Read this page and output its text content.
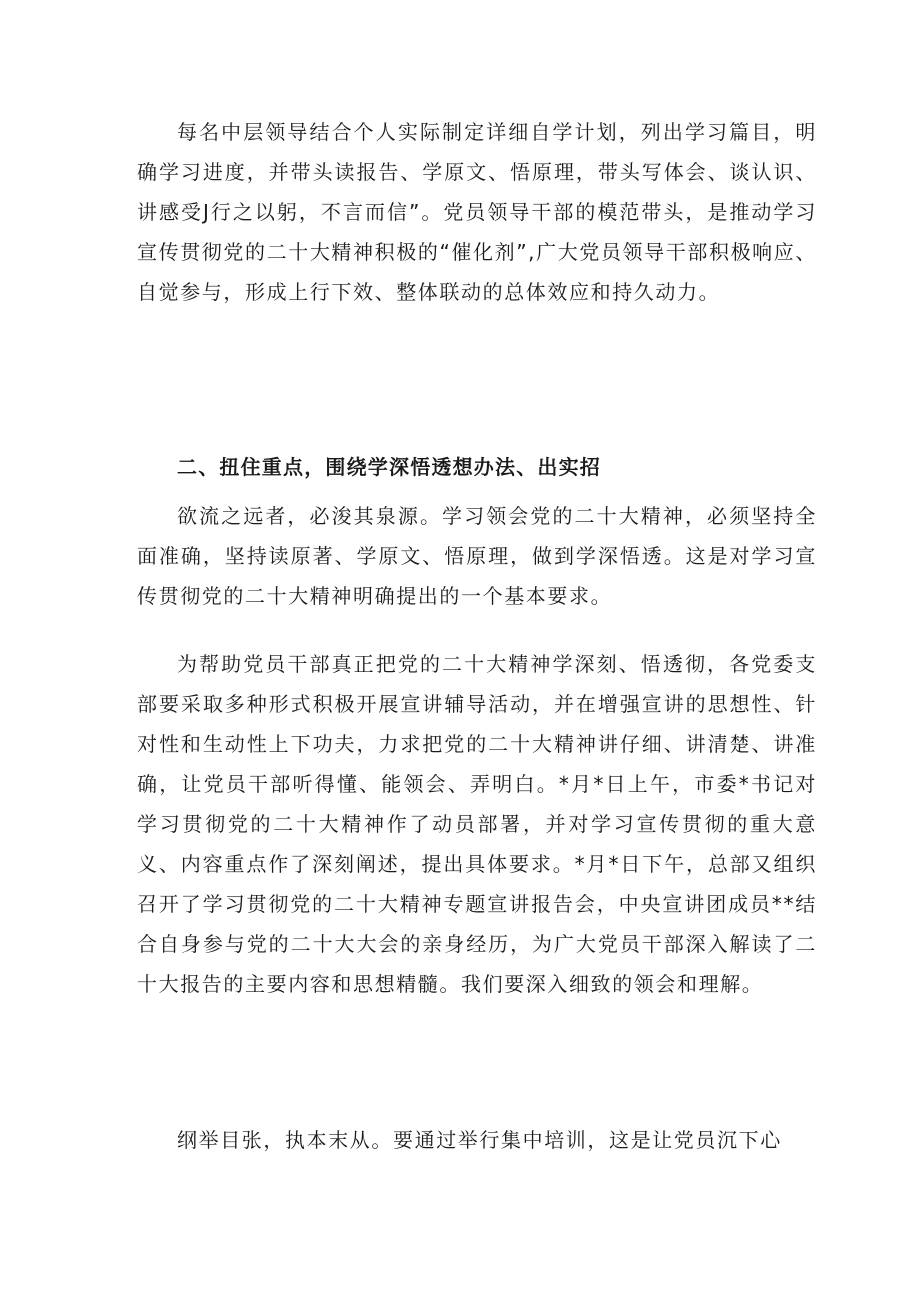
每名中层领导结合个人实际制定详细自学计划，列出学习篇目，明确学习进度，并带头读报告、学原文、悟原理，带头写体会、谈认识、讲感受J行之以躬，不言而信”。党员领导干部的模范带头，是推动学习宣传贯彻党的二十大精神积极的“催化剂”,广大党员领导干部积极响应、自觉参与，形成上行下效、整体联动的总体效应和持久动力。

二、扭住重点，围绕学深悟透想办法、出实招

欲流之远者，必浚其泉源。学习领会党的二十大精神，必须坚持全面准确，坚持读原著、学原文、悟原理，做到学深悟透。这是对学习宣传贯彻党的二十大精神明确提出的一个基本要求。

为帮助党员干部真正把党的二十大精神学深刻、悟透彻，各党委支部要采取多种形式积极开展宣讲辅导活动，并在增强宣讲的思想性、针对性和生动性上下功夫，力求把党的二十大精神讲仔细、讲清楚、讲准确，让党员干部听得懂、能领会、弄明白。*月*日上午，市委*书记对学习贯彻党的二十大精神作了动员部署，并对学习宣传贯彻的重大意义、内容重点作了深刻阐述，提出具体要求。*月*日下午，总部又组织召开了学习贯彻党的二十大精神专题宣讲报告会，中央宣讲团成员**结合自身参与党的二十大大会的亲身经历，为广大党员干部深入解读了二十大报告的主要内容和思想精髓。我们要深入细致的领会和理解。

纲举目张，执本末从。要通过举行集中培训，这是让党员沉下心
